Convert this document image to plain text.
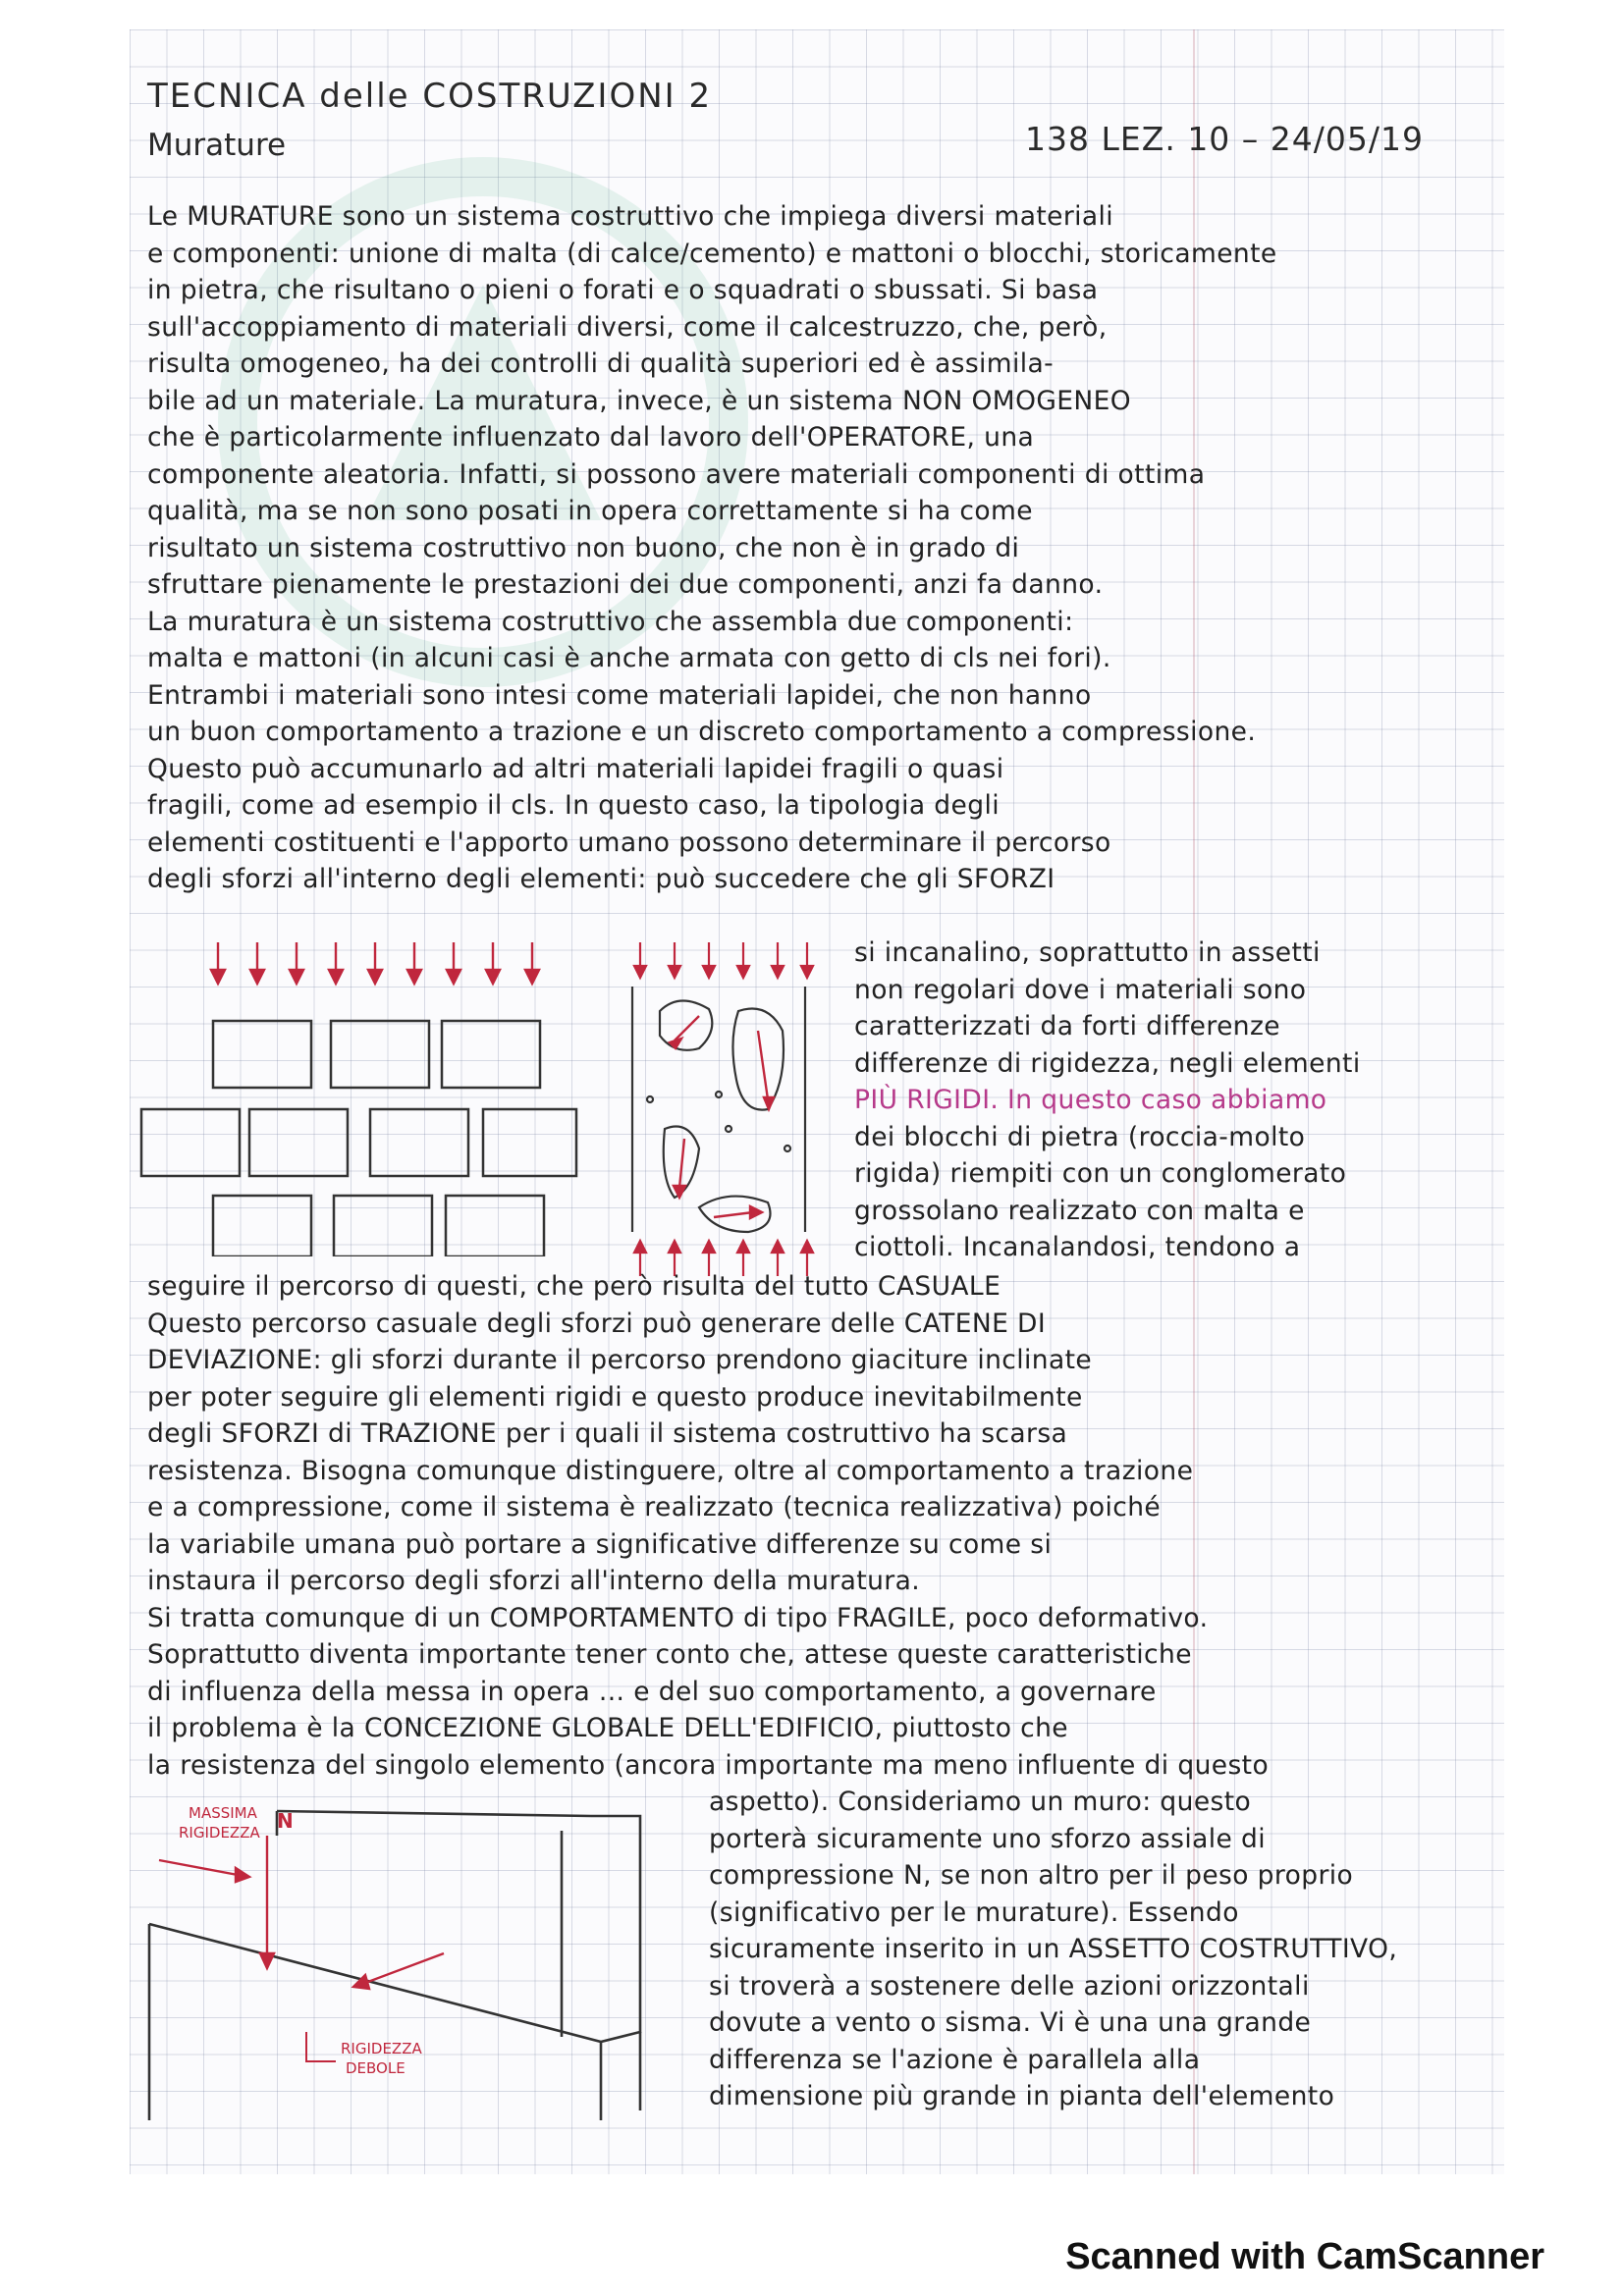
TECNICA delle COSTRUZIONI 2
Murature	138 LEZ. 10 – 24/05/19

Le MURATURE sono un sistema costruttivo che impiega diversi materiali

e componenti: unione di malta (di calce/cemento) e mattoni o blocchi, storicamente

in pietra, che risultano o pieni o forati e o squadrati o sbussati. Si basa

sull'accoppiamento di materiali diversi, come il calcestruzzo, che, però,

risulta omogeneo, ha dei controlli di qualità superiori ed è assimila-

bile ad un materiale. La muratura, invece, è un sistema NON OMOGENEO

che è particolarmente influenzato dal lavoro dell'OPERATORE, una

componente aleatoria. Infatti, si possono avere materiali componenti di ottima

qualità, ma se non sono posati in opera correttamente si ha come

risultato un sistema costruttivo non buono, che non è in grado di

sfruttare pienamente le prestazioni dei due componenti, anzi fa danno.

La muratura è un sistema costruttivo che assembla due componenti:

malta e mattoni (in alcuni casi è anche armata con getto di cls nei fori).

Entrambi i materiali sono intesi come materiali lapidei, che non hanno

un buon comportamento a trazione e un discreto comportamento a compressione.

Questo può accumunarlo ad altri materiali lapidei fragili o quasi

fragili, come ad esempio il cls. In questo caso, la tipologia degli

elementi costituenti e l'apporto umano possono determinare il percorso

degli sforzi all'interno degli elementi: può succedere che gli SFORZI

si incanalino, soprattutto in assetti

non regolari dove i materiali sono

caratterizzati da forti differenze

differenze di rigidezza, negli elementi

PIÙ RIGIDI. In questo caso abbiamo

dei blocchi di pietra (roccia-molto

rigida) riempiti con un conglomerato

grossolano realizzato con malta e

ciottoli. Incanalandosi, tendono a

seguire il percorso di questi, che però risulta del tutto CASUALE

Questo percorso casuale degli sforzi può generare delle CATENE DI

DEVIAZIONE: gli sforzi durante il percorso prendono giaciture inclinate

per poter seguire gli elementi rigidi e questo produce inevitabilmente

degli SFORZI di TRAZIONE per i quali il sistema costruttivo ha scarsa

resistenza. Bisogna comunque distinguere, oltre al comportamento a trazione

e a compressione, come il sistema è realizzato (tecnica realizzativa) poiché

la variabile umana può portare a significative differenze su come si

instaura il percorso degli sforzi all'interno della muratura.

Si tratta comunque di un COMPORTAMENTO di tipo FRAGILE, poco deformativo.

Soprattutto diventa importante tener conto che, attese queste caratteristiche

di influenza della messa in opera ... e del suo comportamento, a governare

il problema è la CONCEZIONE GLOBALE DELL'EDIFICIO, piuttosto che

la resistenza del singolo elemento (ancora importante ma meno influente di questo

MASSIMA
RIGIDEZZA N
RIGIDEZZA
DEBOLE

aspetto). Consideriamo un muro: questo

porterà sicuramente uno sforzo assiale di

compressione N, se non altro per il peso proprio

(significativo per le murature). Essendo

sicuramente inserito in un ASSETTO COSTRUTTIVO,

si troverà a sostenere delle azioni orizzontali

dovute a vento o sisma. Vi è una una grande

differenza se l'azione è parallela alla

dimensione più grande in pianta dell'elemento

Scanned with CamScanner
